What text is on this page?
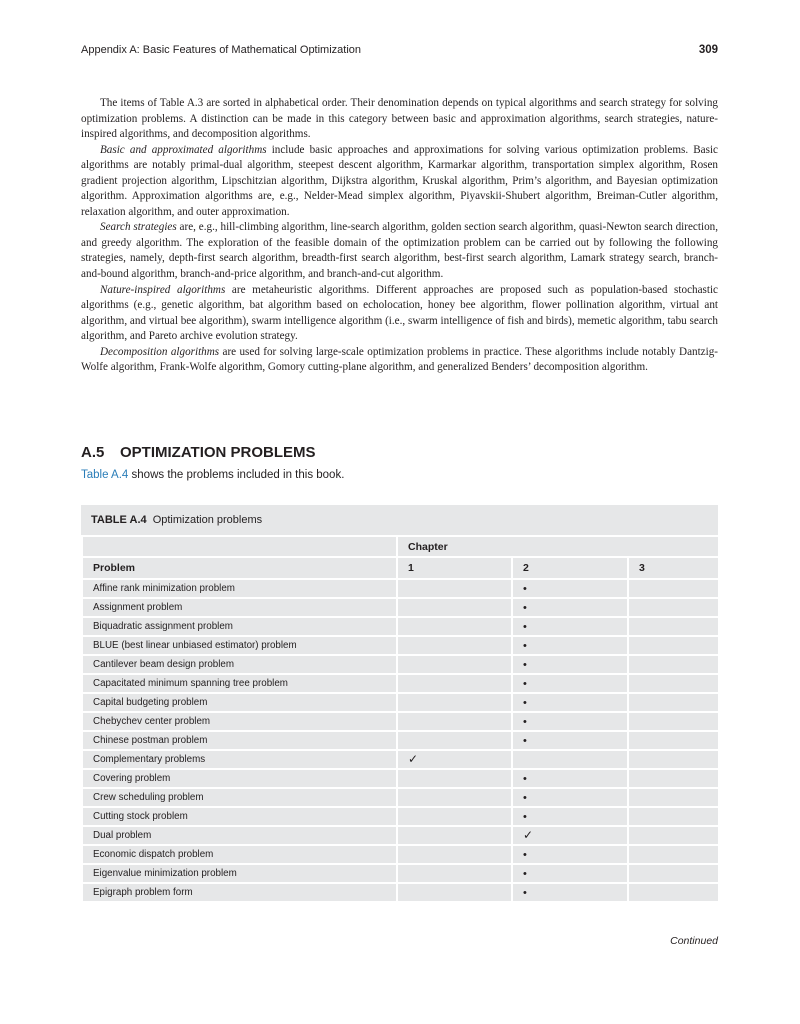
Appendix A: Basic Features of Mathematical Optimization	309

The items of Table A.3 are sorted in alphabetical order. Their denomination depends on typical algorithms and search strategy for solving optimization problems. A distinction can be made in this category between basic and approximation algorithms, search strategies, nature-inspired algorithms, and decomposition algorithms.

Basic and approximated algorithms include basic approaches and approximations for solving various optimization problems. Basic algorithms are notably primal-dual algorithm, steepest descent algorithm, Karmarkar algorithm, transportation simplex algorithm, Rosen gradient projection algorithm, Lipschitzian algorithm, Dijkstra algorithm, Kruskal algorithm, Prim’s algorithm, and Bayesian optimization algorithm. Approximation algorithms are, e.g., Nelder-Mead simplex algorithm, Piyavskii-Shubert algorithm, Breiman-Cutler algorithm, relaxation algorithm, and outer approximation.

Search strategies are, e.g., hill-climbing algorithm, line-search algorithm, golden section search algorithm, quasi-Newton search direction, and greedy algorithm. The exploration of the feasible domain of the optimization problem can be carried out by following the following strategies, namely, depth-first search algorithm, breadth-first search algorithm, best-first search algorithm, Lamark strategy search, branch-and-bound algorithm, branch-and-price algorithm, and branch-and-cut algorithm.

Nature-inspired algorithms are metaheuristic algorithms. Different approaches are proposed such as population-based stochastic algorithms (e.g., genetic algorithm, bat algorithm based on echolocation, honey bee algorithm, flower pollination algorithm, virtual ant algorithm, and virtual bee algorithm), swarm intelligence algorithm (i.e., swarm intelligence of fish and birds), memetic algorithm, tabu search algorithm, and Pareto archive evolution strategy.

Decomposition algorithms are used for solving large-scale optimization problems in practice. These algorithms include notably Dantzig-Wolfe algorithm, Frank-Wolfe algorithm, Gomory cutting-plane algorithm, and generalized Benders’ decomposition algorithm.

A.5 OPTIMIZATION PROBLEMS
Table A.4 shows the problems included in this book.
TABLE A.4 Optimization problems
	Chapter		
Problem	1	2	3
Affine rank minimization problem		•	
Assignment problem		•	
Biquadratic assignment problem		•	
BLUE (best linear unbiased estimator) problem		•	
Cantilever beam design problem		•	
Capacitated minimum spanning tree problem		•	
Capital budgeting problem		•	
Chebychev center problem		•	
Chinese postman problem		•	
Complementary problems	✓		
Covering problem		•	
Crew scheduling problem		•	
Cutting stock problem		•	
Dual problem		✓	
Economic dispatch problem		•	
Eigenvalue minimization problem		•	
Epigraph problem form		•	
Continued
